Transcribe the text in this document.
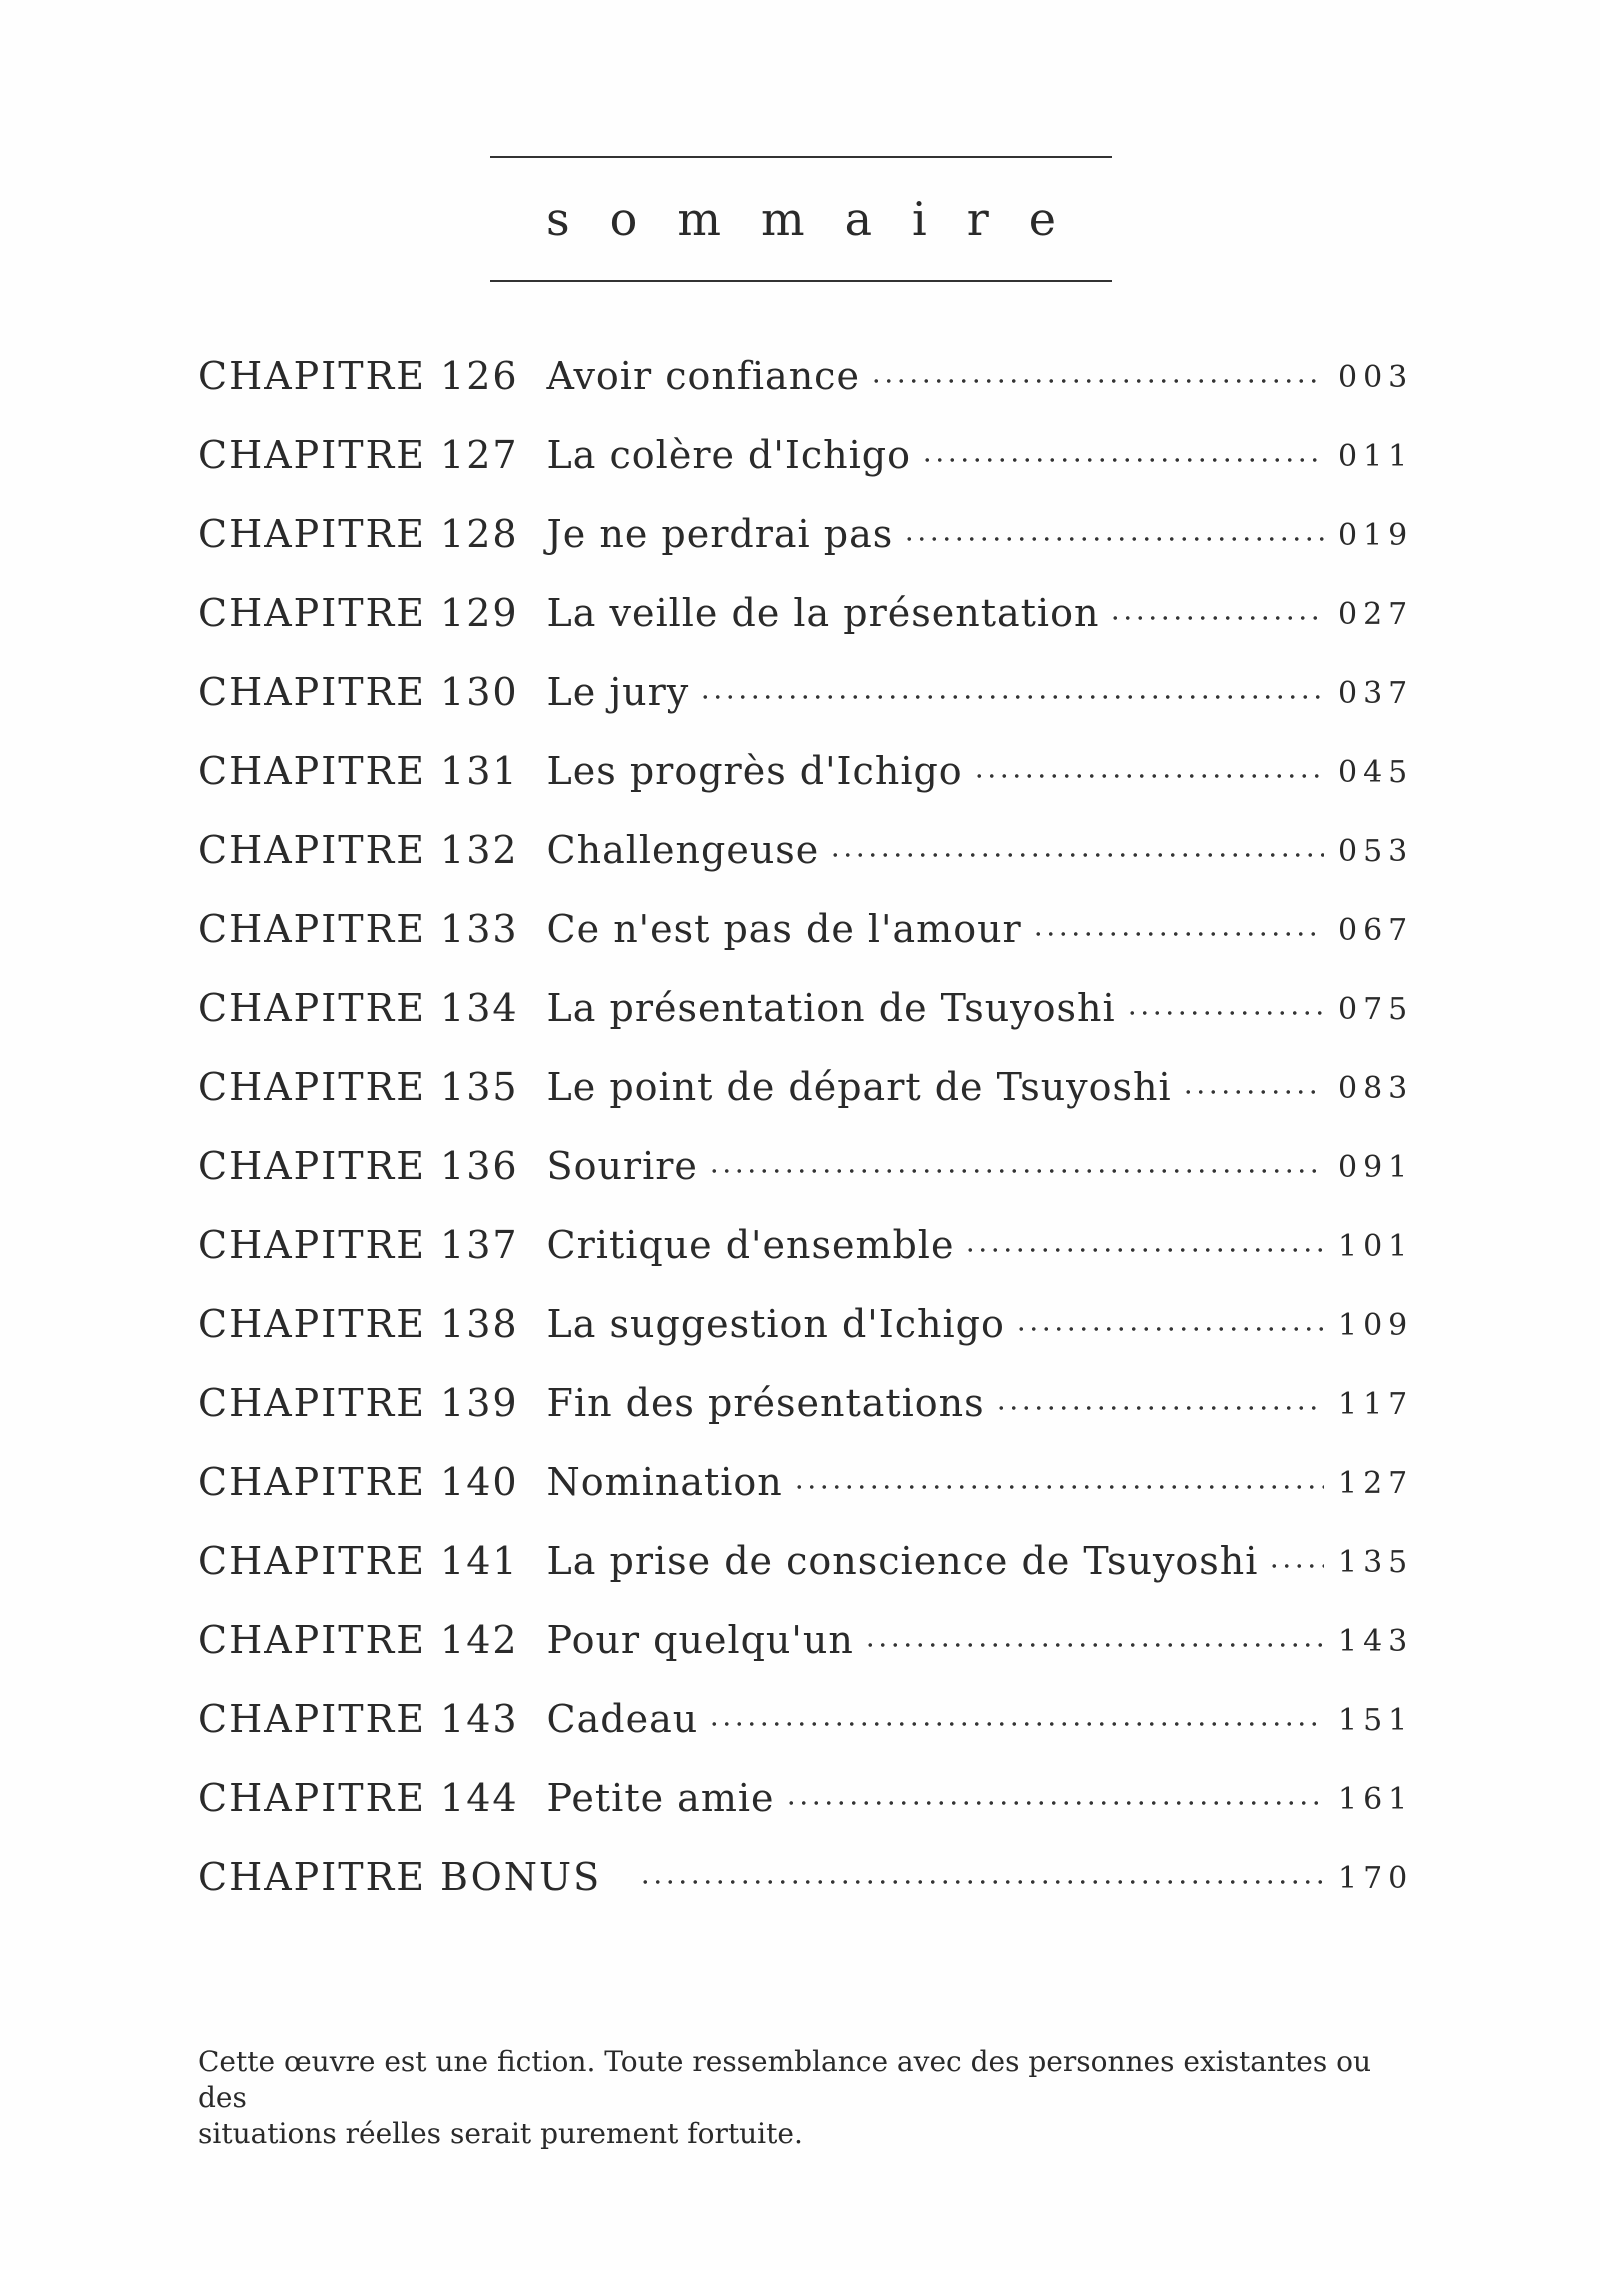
sommaire
CHAPITRE 126 Avoir confiance	003
CHAPITRE 127 La colère d'Ichigo	011
CHAPITRE 128 Je ne perdrai pas	019
CHAPITRE 129 La veille de la présentation	027
CHAPITRE 130 Le jury	037
CHAPITRE 131 Les progrès d'Ichigo	045
CHAPITRE 132 Challengeuse	053
CHAPITRE 133 Ce n'est pas de l'amour	067
CHAPITRE 134 La présentation de Tsuyoshi	075
CHAPITRE 135 Le point de départ de Tsuyoshi	083
CHAPITRE 136 Sourire	091
CHAPITRE 137 Critique d'ensemble	101
CHAPITRE 138 La suggestion d'Ichigo	109
CHAPITRE 139 Fin des présentations	117
CHAPITRE 140 Nomination	127
CHAPITRE 141 La prise de conscience de Tsuyoshi	135
CHAPITRE 142 Pour quelqu'un	143
CHAPITRE 143 Cadeau	151
CHAPITRE 144 Petite amie	161
CHAPITRE BONUS	170

Cette œuvre est une fiction. Toute ressemblance avec des personnes existantes ou des
situations réelles serait purement fortuite.
